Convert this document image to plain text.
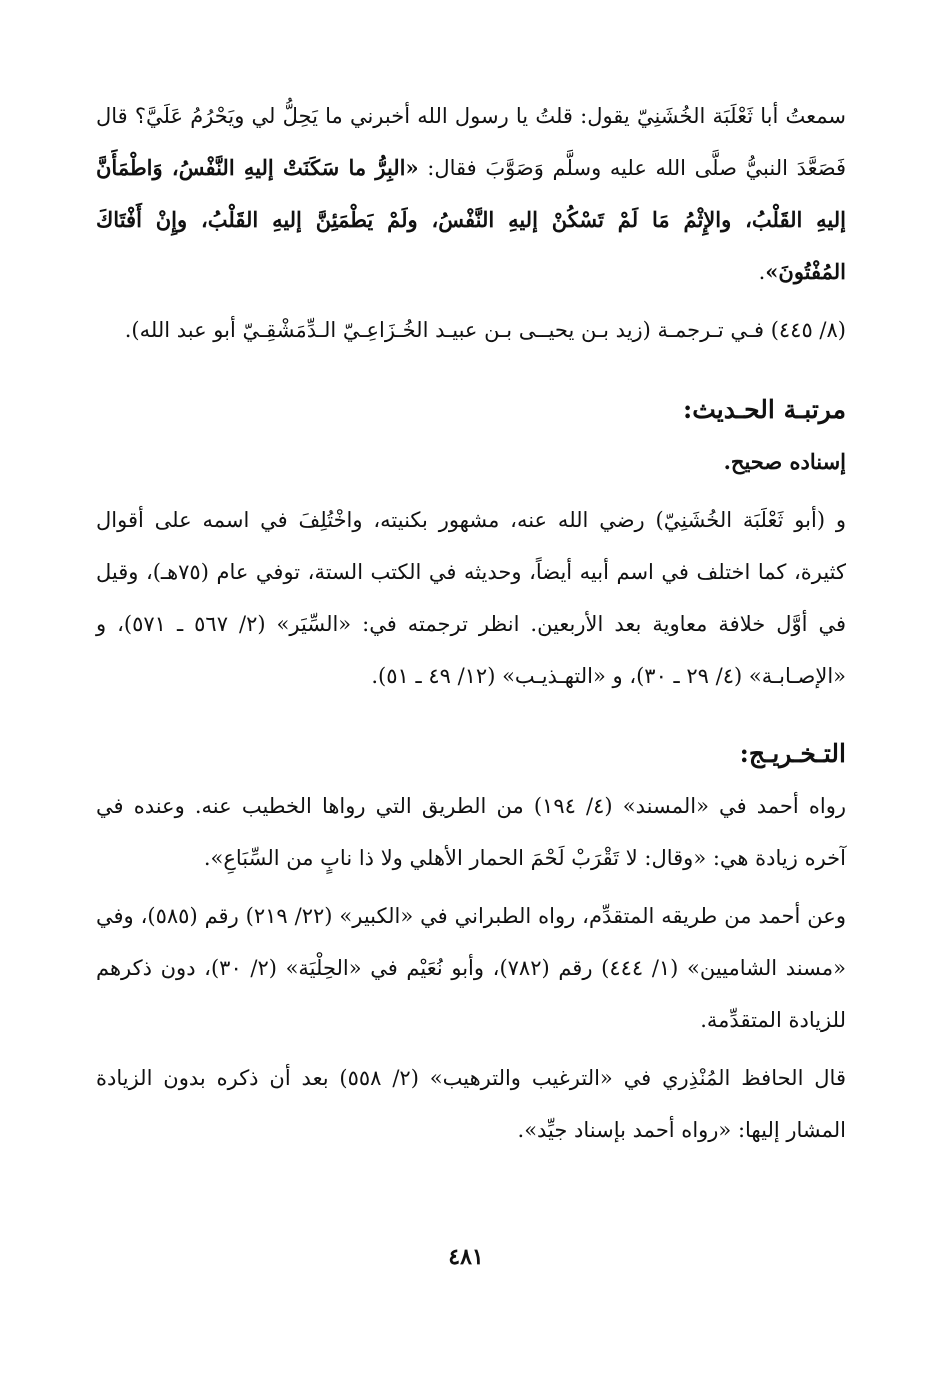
سمعتُ أبا ثَعْلَبَة الخُشَنِيّ يقول: قلتُ يا رسول الله أخبرني ما يَحِلُّ لي ويَحْرُمُ عَلَيَّ؟ قال فَصَعَّدَ النبيُّ صلَّى الله عليه وسلَّم وَصَوَّبَ فقال: «البِرُّ ما سَكَنَتْ إليهِ النَّفْسُ، وَاطْمَأَنَّ إليهِ القَلْبُ، والإِثْمُ مَا لَمْ تَسْكُنْ إليهِ النَّفْسُ، ولَمْ يَطْمَئِنَّ إليهِ القَلْبُ، وإِنْ أَفْتَاكَ المُفْتُونَ».

(٨/ ٤٤٥) فـي تـرجمـة (زيد بـن يحيــى بـن عبيـد الخُـزَاعِـيّ الـدِّمَشْقِـيّ أبو عبد الله).

مرتبـة الحـديث:

إسناده صحيح.

و (أبو ثَعْلَبَة الخُشَنِيّ) رضي الله عنه، مشهور بكنيته، واخْتُلِفَ في اسمه على أقوال كثيرة، كما اختلف في اسم أبيه أيضاً، وحديثه في الكتب الستة، توفي عام (٧٥هـ)، وقيل في أوَّل خلافة معاوية بعد الأربعين. انظر ترجمته في: «السِّيَر» (٢/ ٥٦٧ ـ ٥٧١)، و «الإصـابـة» (٤/ ٢٩ ـ ٣٠)، و «التهـذيـب» (١٢/ ٤٩ ـ ٥١).

التـخـريـج:

رواه أحمد في «المسند» (٤/ ١٩٤) من الطريق التي رواها الخطيب عنه. وعنده في آخره زيادة هي: «وقال: لا تَقْرَبْ لَحْمَ الحمار الأهلي ولا ذا نابٍ من السِّبَاعِ».

وعن أحمد من طريقه المتقدِّم، رواه الطبراني في «الكبير» (٢٢/ ٢١٩) رقم (٥٨٥)، وفي «مسند الشاميين» (١/ ٤٤٤) رقم (٧٨٢)، وأبو نُعَيْم في «الحِلْيَة» (٢/ ٣٠)، دون ذكرهم للزيادة المتقدِّمة.

قال الحافظ المُنْذِري في «الترغيب والترهيب» (٢/ ٥٥٨) بعد أن ذكره بدون الزيادة المشار إليها: «رواه أحمد بإسناد جيِّد».

٤٨١
